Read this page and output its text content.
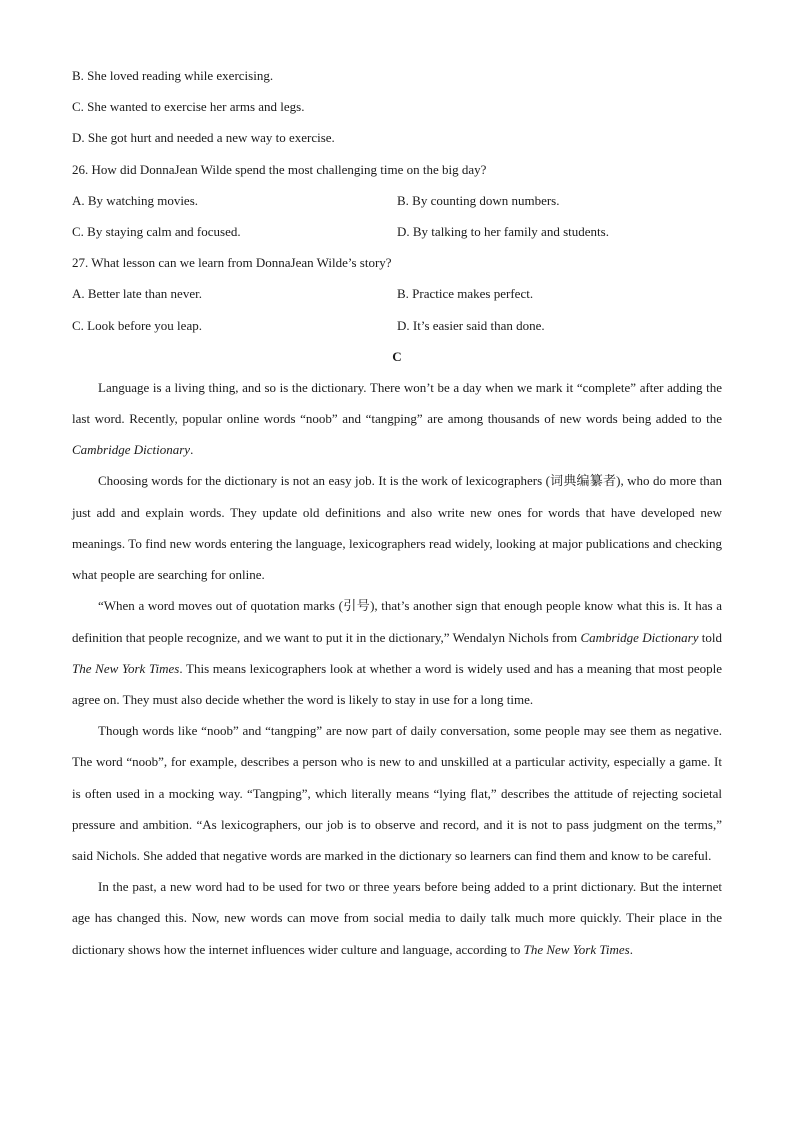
B. She loved reading while exercising.
C. She wanted to exercise her arms and legs.
D. She got hurt and needed a new way to exercise.
26. How did DonnaJean Wilde spend the most challenging time on the big day?
A. By watching movies.	B. By counting down numbers.
C. By staying calm and focused.	D. By talking to her family and students.
27. What lesson can we learn from DonnaJean Wilde’s story?
A. Better late than never.	B. Practice makes perfect.
C. Look before you leap.	D. It’s easier said than done.
C

Language is a living thing, and so is the dictionary. There won’t be a day when we mark it “complete” after adding the last word. Recently, popular online words “noob” and “tangping” are among thousands of new words being added to the Cambridge Dictionary.

Choosing words for the dictionary is not an easy job. It is the work of lexicographers (词典编纂者), who do more than just add and explain words. They update old definitions and also write new ones for words that have developed new meanings. To find new words entering the language, lexicographers read widely, looking at major publications and checking what people are searching for online.

“When a word moves out of quotation marks (引号), that’s another sign that enough people know what this is. It has a definition that people recognize, and we want to put it in the dictionary,” Wendalyn Nichols from Cambridge Dictionary told The New York Times. This means lexicographers look at whether a word is widely used and has a meaning that most people agree on. They must also decide whether the word is likely to stay in use for a long time.

Though words like “noob” and “tangping” are now part of daily conversation, some people may see them as negative. The word “noob”, for example, describes a person who is new to and unskilled at a particular activity, especially a game. It is often used in a mocking way. “Tangping”, which literally means “lying flat,” describes the attitude of rejecting societal pressure and ambition. “As lexicographers, our job is to observe and record, and it is not to pass judgment on the terms,” said Nichols. She added that negative words are marked in the dictionary so learners can find them and know to be careful.

In the past, a new word had to be used for two or three years before being added to a print dictionary. But the internet age has changed this. Now, new words can move from social media to daily talk much more quickly. Their place in the dictionary shows how the internet influences wider culture and language, according to The New York Times.
